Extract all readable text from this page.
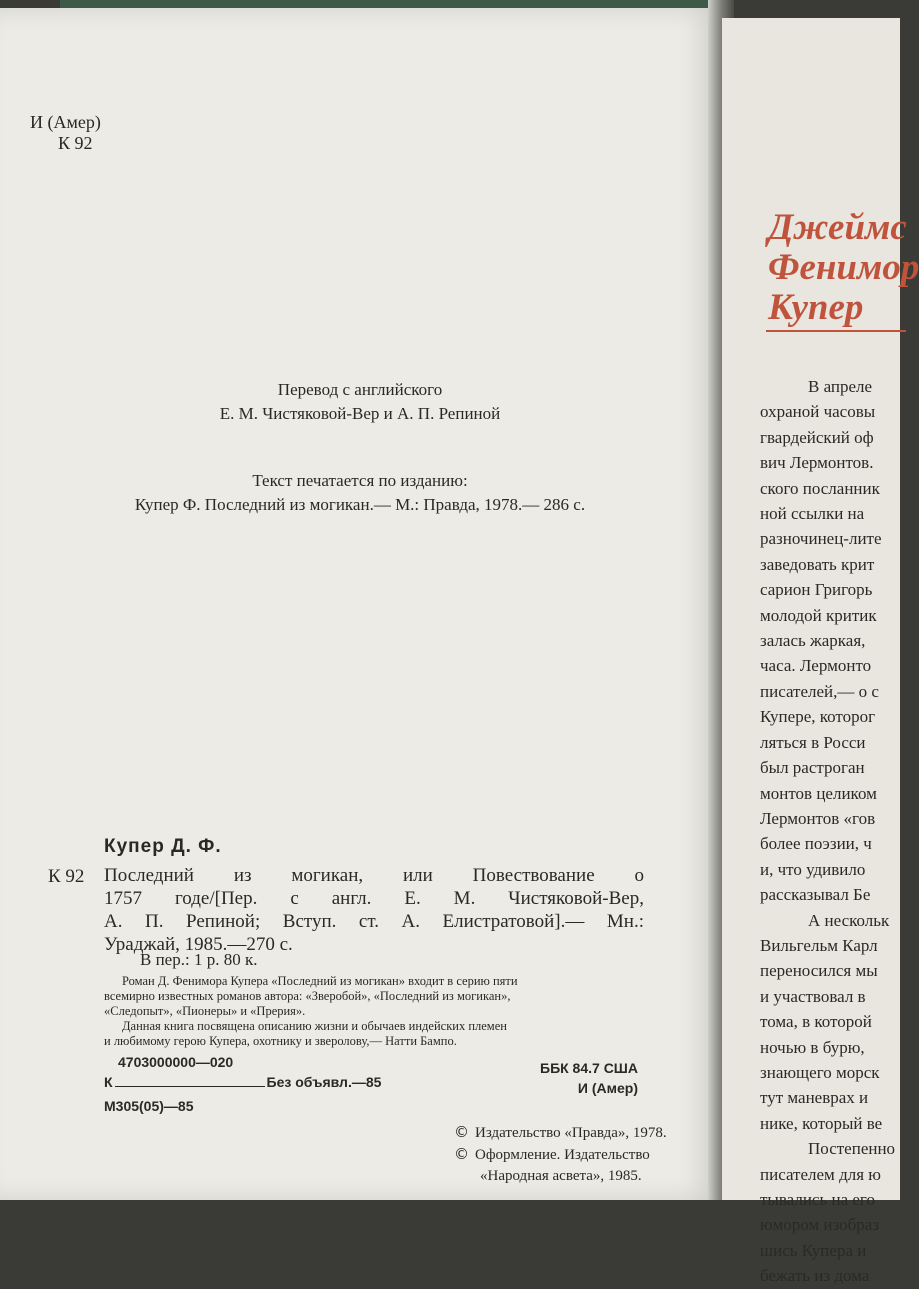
И (Амер)
К 92
Перевод с английского
Е. М. Чистяковой-Вер и А. П. Репиной
Текст печатается по изданию:
Купер Ф. Последний из могикан.— М.: Правда, 1978.— 286 с.
Купер Д. Ф.
К 92 Последний из могикан, или Повествование о
1757 годе/[Пер. с англ. Е. М. Чистяковой-Вер,
А. П. Репиной; Вступ. ст. А. Елистратовой].— Мн.:
Ураджай, 1985.—270 с.
В пер.: 1 р. 80 к.
Роман Д. Фенимора Купера «Последний из могикан» входит в серию пяти
всемирно известных романов автора: «Зверобой», «Последний из могикан»,
«Следопыт», «Пионеры» и «Прерия».
Данная книга посвящена описанию жизни и обычаев индейских племен
и любимому герою Купера, охотнику и зверолову,— Натти Бампо.
4703000000—020
К	Без объявл.—85
М305(05)—85
ББК 84.7 США
И (Амер)
© Издательство «Правда», 1978.
© Оформление. Издательство
«Народная асвета», 1985.
Джеймс
Фенимор
Купер
В апреле
охраной часовы
гвардейский оф
вич Лермонтов.
ского посланник
ной ссылки на
разночинец-лите
заведовать крит
сарион Григорь
молодой критик
залась жаркая,
часа. Лермонто
писателей,— о с
Купере, которог
ляться в Росси
был растроган
монтов целиком
Лермонтов «гов
более поэзии, ч
и, что удивило
рассказывал Бе
А нескольк
Вильгельм Карл
переносился мы
и участвовал в
тома, в которой
ночью в бурю,
знающего морск
тут маневрах и
нике, который ве
Постепенно
писателем для ю
тывались на его
юмором изобраз
шись Купера и
бежать из дома
